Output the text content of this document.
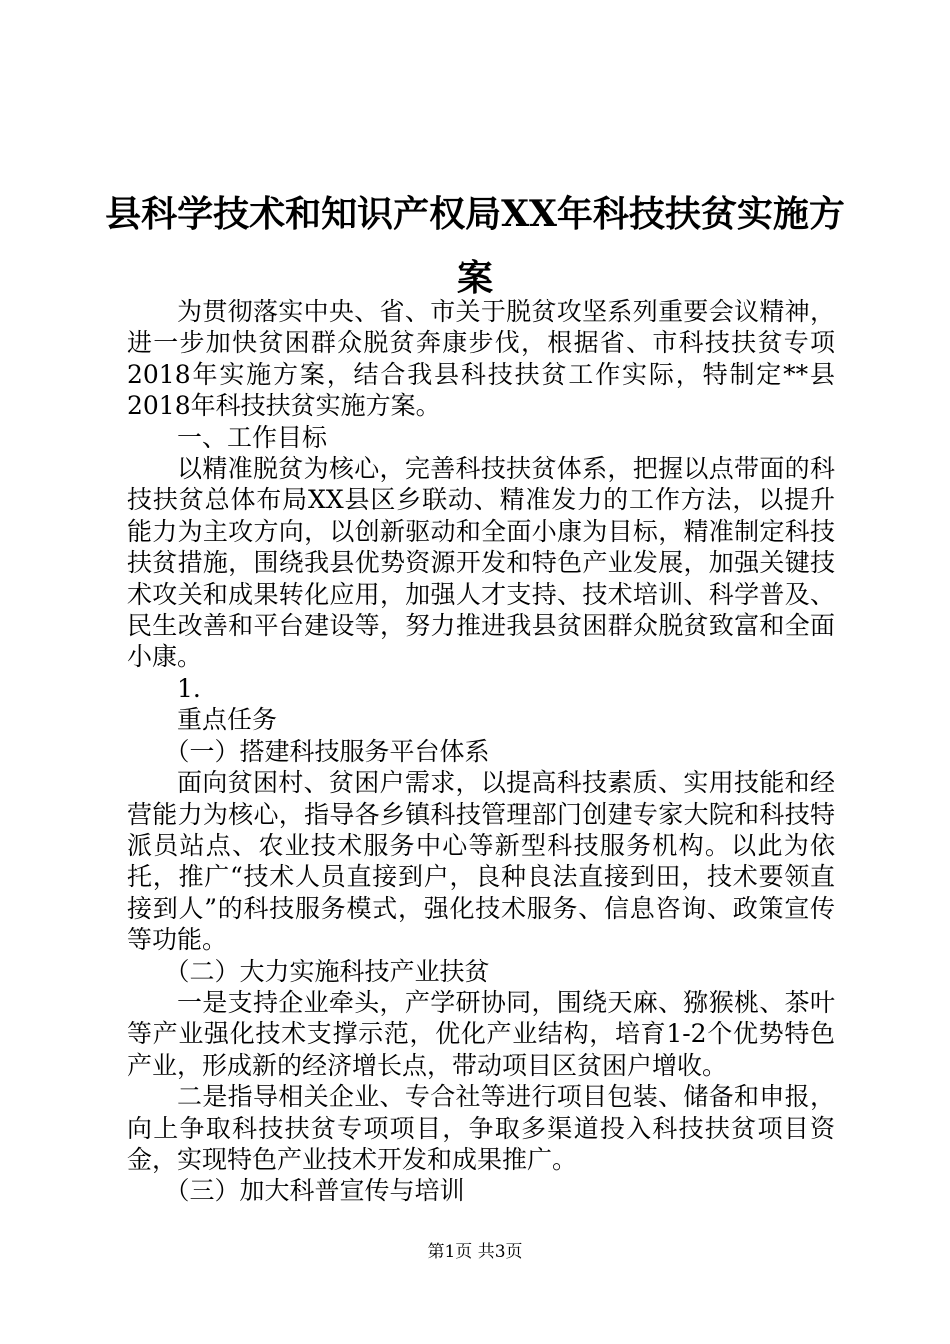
县科学技术和知识产权局XX年科技扶贫实施方案

为贯彻落实中央、省、市关于脱贫攻坚系列重要会议精神，进一步加快贫困群众脱贫奔康步伐，根据省、市科技扶贫专项2018年实施方案，结合我县科技扶贫工作实际，特制定**县2018年科技扶贫实施方案。

一、工作目标

以精准脱贫为核心，完善科技扶贫体系，把握以点带面的科技扶贫总体布局XX县区乡联动、精准发力的工作方法，以提升能力为主攻方向，以创新驱动和全面小康为目标，精准制定科技扶贫措施，围绕我县优势资源开发和特色产业发展，加强关键技术攻关和成果转化应用，加强人才支持、技术培训、科学普及、民生改善和平台建设等，努力推进我县贫困群众脱贫致富和全面小康。

1.

重点任务

（一）搭建科技服务平台体系

面向贫困村、贫困户需求，以提高科技素质、实用技能和经营能力为核心，指导各乡镇科技管理部门创建专家大院和科技特派员站点、农业技术服务中心等新型科技服务机构。以此为依托，推广“技术人员直接到户，良种良法直接到田，技术要领直接到人”的科技服务模式，强化技术服务、信息咨询、政策宣传等功能。

（二）大力实施科技产业扶贫

一是支持企业牵头，产学研协同，围绕天麻、猕猴桃、茶叶等产业强化技术支撑示范，优化产业结构，培育1-2个优势特色产业，形成新的经济增长点，带动项目区贫困户增收。

二是指导相关企业、专合社等进行项目包装、储备和申报，向上争取科技扶贫专项项目，争取多渠道投入科技扶贫项目资金，实现特色产业技术开发和成果推广。

（三）加大科普宣传与培训

第1页 共3页
